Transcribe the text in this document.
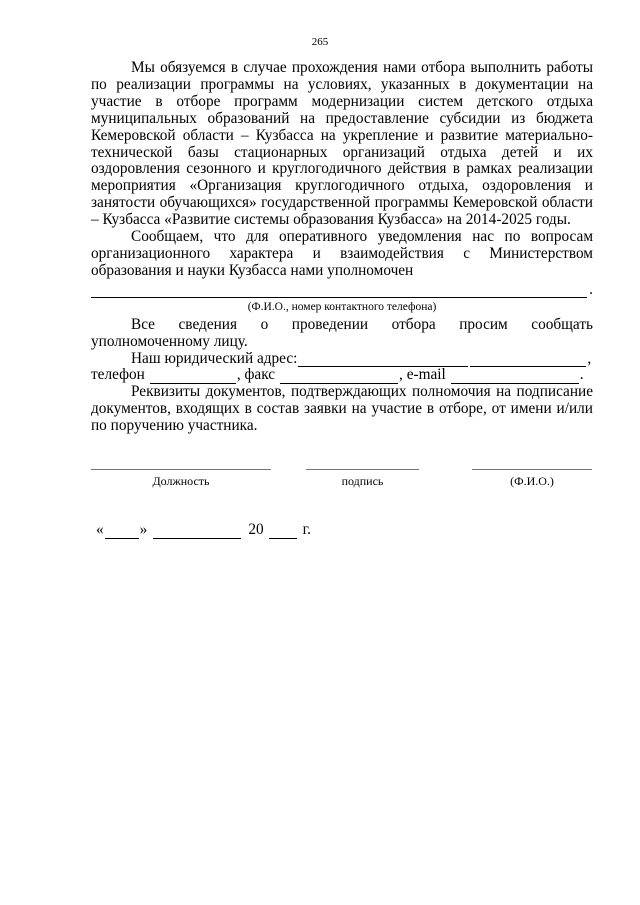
265

Мы обязуемся в случае прохождения нами отбора выполнить работы по реализации программы на условиях, указанных в документации на участие в отборе программ модернизации систем детского отдыха муниципальных образований на предоставление субсидии из бюджета Кемеровской области – Кузбасса на укрепление и развитие материально-технической базы стационарных организаций отдыха детей и их оздоровления сезонного и круглогодичного действия в рамках реализации мероприятия «Организация круглогодичного отдыха, оздоровления и занятости обучающихся» государственной программы Кемеровской области – Кузбасса «Развитие системы образования Кузбасса» на 2014-2025 годы.

Сообщаем, что для оперативного уведомления нас по вопросам организационного характера и взаимодействия с Министерством образования и науки Кузбасса нами уполномочен

.
(Ф.И.О., номер контактного телефона)

Все сведения о проведении отбора просим сообщать уполномоченному лицу.

Наш юридический адрес:	,
телефон	, факс	, e-mail	.

Реквизиты документов, подтверждающих полномочия на подписание документов, входящих в состав заявки на участие в отборе, от имени и/или по поручению участника.

Должность	подпись	(Ф.И.О.)
« »	20	г.
